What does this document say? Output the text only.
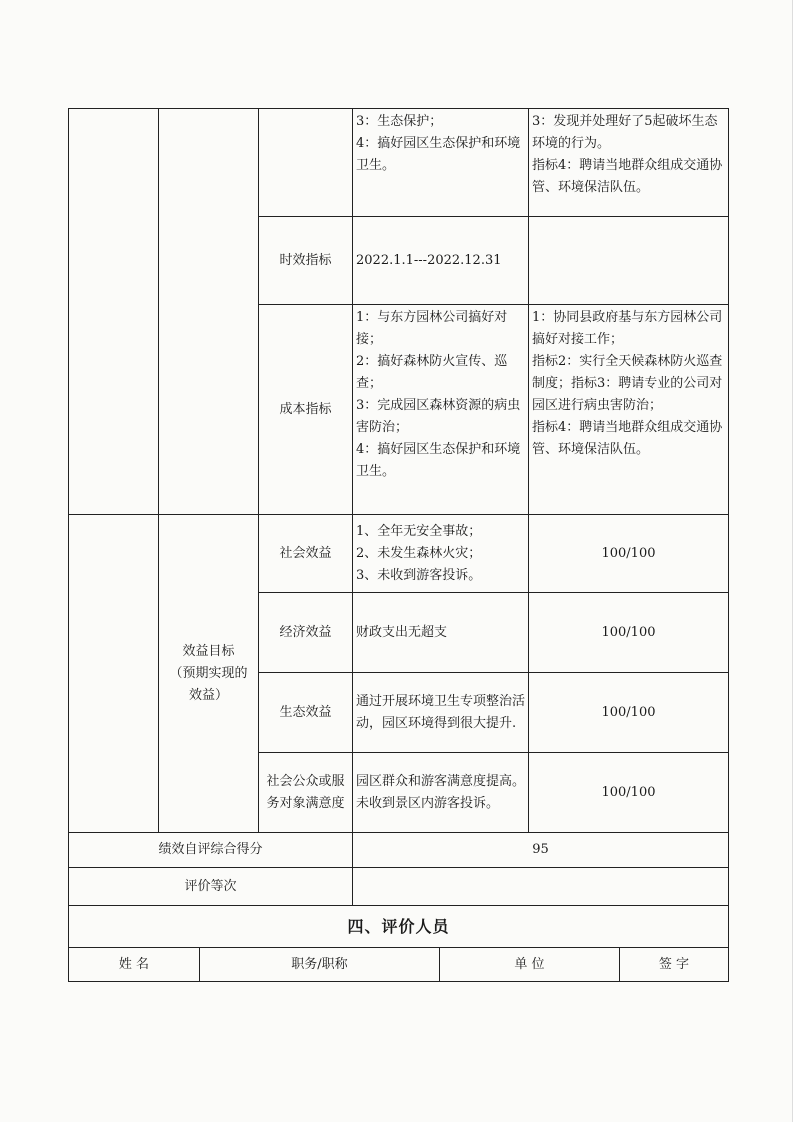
			3：生态保护；
4：搞好园区生态保护和环境卫生。	3：发现并处理好了5起破坏生态环境的行为。
指标4：聘请当地群众组成交通协管、环境保洁队伍。

		时效指标	2022.1.1---2022.12.31	
		成本指标	1：与东方园林公司搞好对接；
2：搞好森林防火宣传、巡查；
3：完成园区森林资源的病虫害防治；
4：搞好园区生态保护和环境卫生。	1：协同县政府基与东方园林公司搞好对接工作；
指标2：实行全天候森林防火巡查制度；指标3：聘请专业的公司对园区进行病虫害防治；
指标4：聘请当地群众组成交通协管、环境保洁队伍。

	效益目标
（预期实现的
效益）	社会效益	1、全年无安全事故；
2、未发生森林火灾；
3、未收到游客投诉。	100/100
		经济效益	财政支出无超支	100/100
		生态效益	通过开展环境卫生专项整治活动，园区环境得到很大提升.	100/100
		社会公众或服务对象满意度	园区群众和游客满意度提高。未收到景区内游客投诉。	100/100
绩效自评综合得分			95	
评价等次				
四、评价人员				
姓 名	职务/职称	单 位	签 字
